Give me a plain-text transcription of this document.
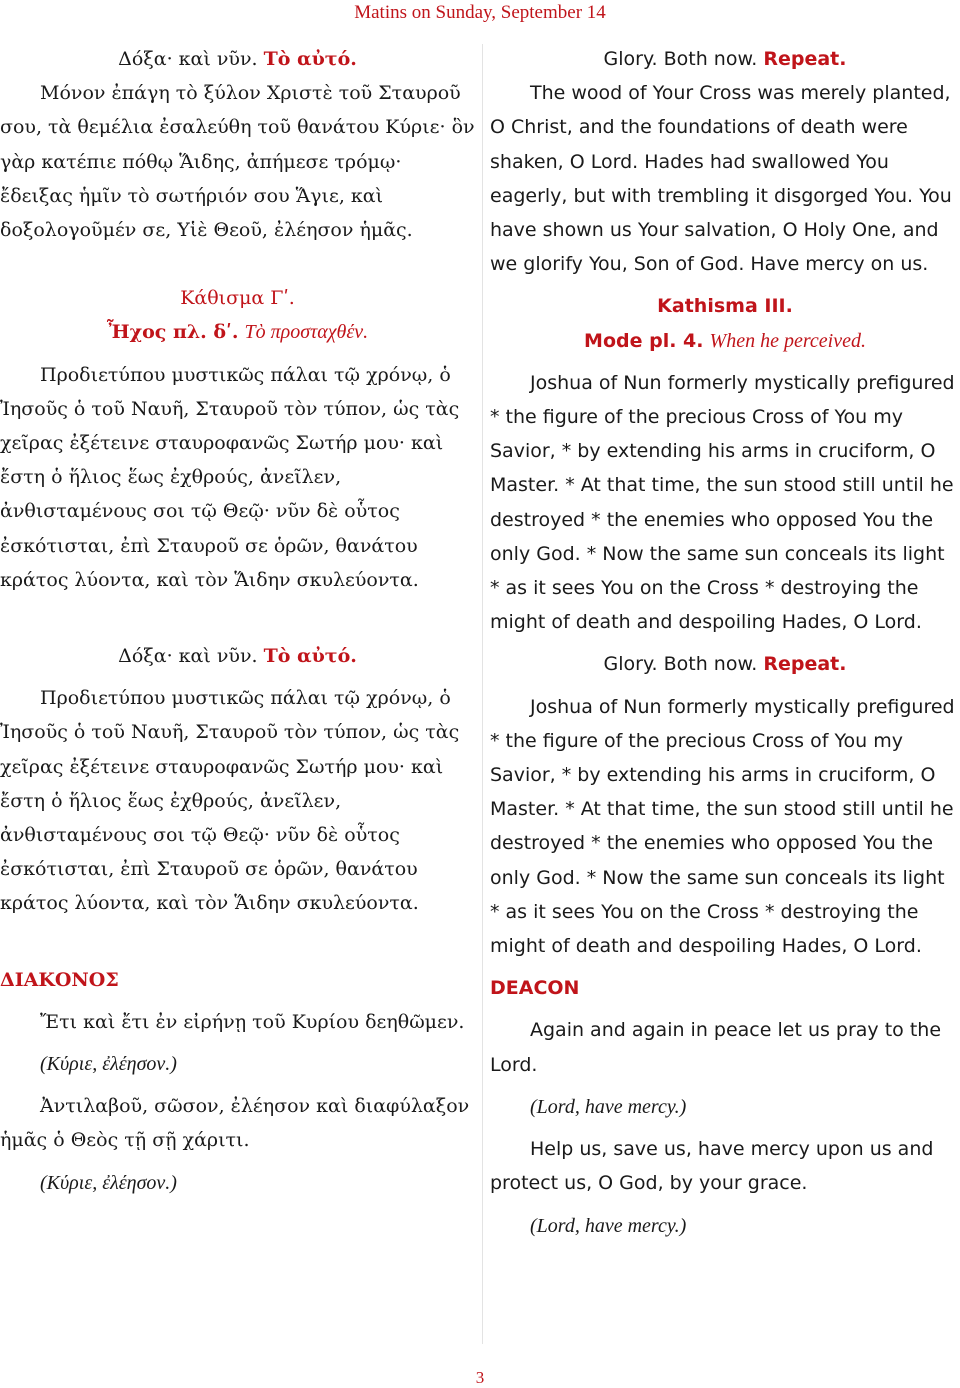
Matins on Sunday, September 14

Δόξα· καὶ νῦν. Τὸ αὐτό.

Μόνον ἐπάγη τὸ ξύλον Χριστὲ τοῦ Σταυροῦ σου, τὰ θεμέλια ἐσαλεύθη τοῦ θανάτου Κύριε· ὃν γὰρ κατέπιε πόθῳ Ἅιδης, ἀπήμεσε τρόμῳ· ἔδειξας ἡμῖν τὸ σωτήριόν σου Ἅγιε, καὶ δοξολογοῦμέν σε, Υἱὲ Θεοῦ, ἐλέησον ἡμᾶς.

Κάθισμα Γʹ.

Ἦχος πλ. δʹ. Τὸ προσταχθέν.

Προδιετύπου μυστικῶς πάλαι τῷ χρόνῳ, ὁ Ἰησοῦς ὁ τοῦ Ναυῆ, Σταυροῦ τὸν τύπον, ὡς τὰς χεῖρας ἐξέτεινε σταυροφανῶς Σωτήρ μου· καὶ ἔστη ὁ ἥλιος ἕως ἐχθρούς, ἀνεῖλεν, ἀνθισταμένους σοι τῷ Θεῷ· νῦν δὲ οὗτος ἐσκότισται, ἐπὶ Σταυροῦ σε ὁρῶν, θανάτου κράτος λύοντα, καὶ τὸν Ἅιδην σκυλεύοντα.

Δόξα· καὶ νῦν. Τὸ αὐτό.

Προδιετύπου μυστικῶς πάλαι τῷ χρόνῳ, ὁ Ἰησοῦς ὁ τοῦ Ναυῆ, Σταυροῦ τὸν τύπον, ὡς τὰς χεῖρας ἐξέτεινε σταυροφανῶς Σωτήρ μου· καὶ ἔστη ὁ ἥλιος ἕως ἐχθρούς, ἀνεῖλεν, ἀνθισταμένους σοι τῷ Θεῷ· νῦν δὲ οὗτος ἐσκότισται, ἐπὶ Σταυροῦ σε ὁρῶν, θανάτου κράτος λύοντα, καὶ τὸν Ἅιδην σκυλεύοντα.

ΔΙΑΚΟΝΟΣ

Ἔτι καὶ ἔτι ἐν εἰρήνῃ τοῦ Κυρίου δεηθῶμεν.

(Κύριε, ἐλέησον.)

Ἀντιλαβοῦ, σῶσον, ἐλέησον καὶ διαφύλαξον ἡμᾶς ὁ Θεὸς τῇ σῇ χάριτι.

(Κύριε, ἐλέησον.)

Glory. Both now. Repeat.

The wood of Your Cross was merely planted, O Christ, and the foundations of death were shaken, O Lord. Hades had swallowed You eagerly, but with trembling it disgorged You. You have shown us Your salvation, O Holy One, and we glorify You, Son of God. Have mercy on us.

Kathisma III.

Mode pl. 4. When he perceived.

Joshua of Nun formerly mystically prefigured * the figure of the precious Cross of You my Savior, * by extending his arms in cruciform, O Master. * At that time, the sun stood still until he destroyed * the enemies who opposed You the only God. * Now the same sun conceals its light * as it sees You on the Cross * destroying the might of death and despoiling Hades, O Lord.

Glory. Both now. Repeat.

Joshua of Nun formerly mystically prefigured * the figure of the precious Cross of You my Savior, * by extending his arms in cruciform, O Master. * At that time, the sun stood still until he destroyed * the enemies who opposed You the only God. * Now the same sun conceals its light * as it sees You on the Cross * destroying the might of death and despoiling Hades, O Lord.

DEACON

Again and again in peace let us pray to the Lord.

(Lord, have mercy.)

Help us, save us, have mercy upon us and protect us, O God, by your grace.

(Lord, have mercy.)

3
